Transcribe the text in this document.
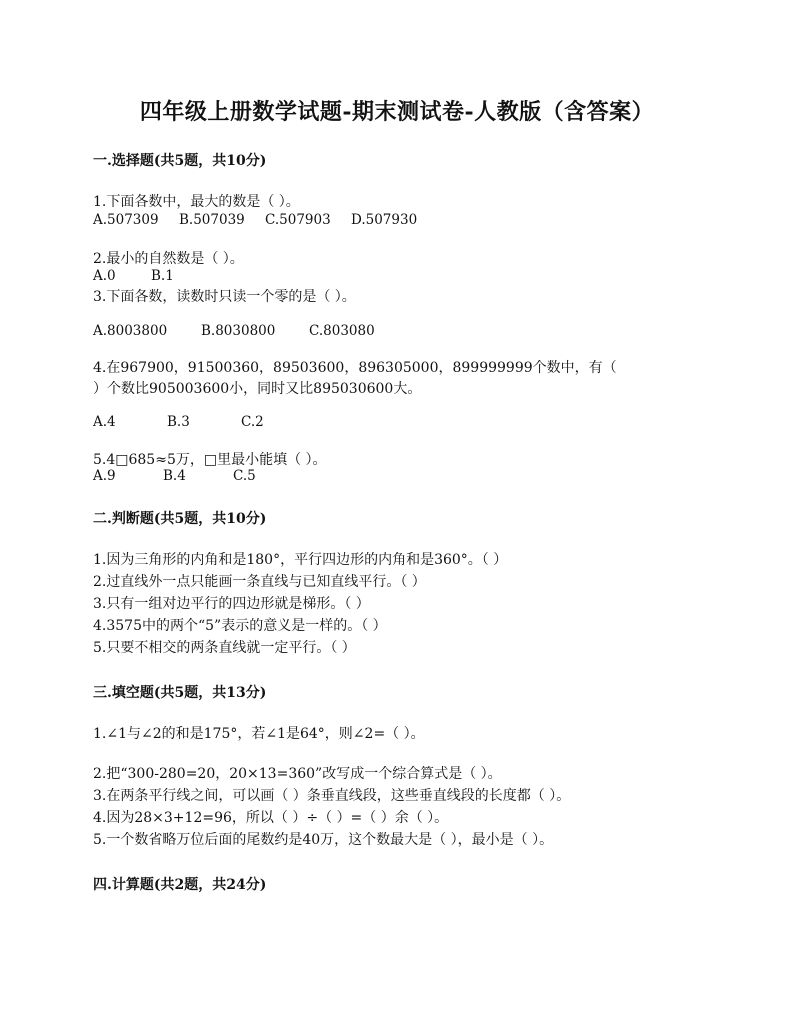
四年级上册数学试题-期末测试卷-人教版（含答案）
一.选择题(共5题，共10分)
1.下面各数中，最大的数是（ ）。
A.507309 B.507039 C.507903 D.507930
2.最小的自然数是（ ）。
A.0	B.1
3.下面各数，读数时只读一个零的是（ ）。
A.8003800	B.8030800 C.803080
4.在967900，91500360，89503600，896305000，899999999个数中，有（
）个数比905003600小，同时又比895030600大。
A.4	B.3	C.2
5.4□685≈5万，□里最小能填（ ）。
A.9	B.4	C.5
二.判断题(共5题，共10分)
1.因为三角形的内角和是180°，平行四边形的内角和是360°。（ ）
2.过直线外一点只能画一条直线与已知直线平行。（ ）
3.只有一组对边平行的四边形就是梯形。（ ）
4.3575中的两个“5”表示的意义是一样的。（ ）
5.只要不相交的两条直线就一定平行。（ ）
三.填空题(共5题，共13分)
1.∠1与∠2的和是175°，若∠1是64°，则∠2=（ ）。
2.把“300-280=20，20×13=360”改写成一个综合算式是（ ）。
3.在两条平行线之间，可以画（ ）条垂直线段，这些垂直线段的长度都（ ）。
4.因为28×3+12=96，所以（ ）÷（ ）=（ ）余（ ）。
5.一个数省略万位后面的尾数约是40万，这个数最大是（ ），最小是（ ）。
四.计算题(共2题，共24分)
